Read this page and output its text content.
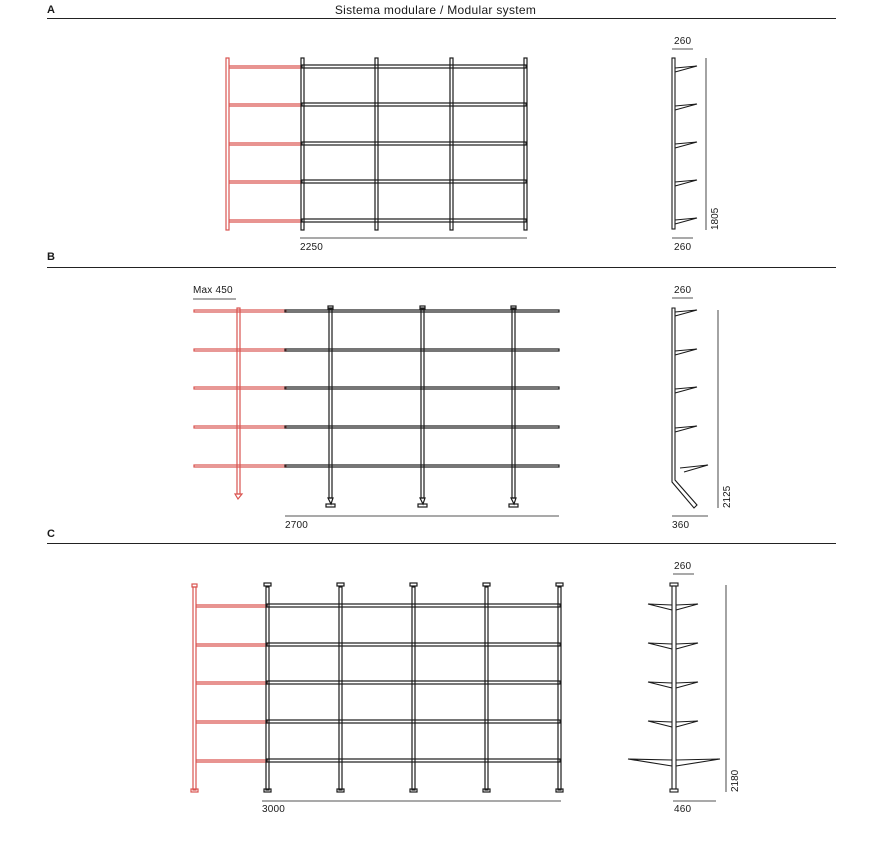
Sistema modulare / Modular system
A
B
C
2250
260
260
1805
Max 450
2700
260
360
2125
3000
260
460
2180
